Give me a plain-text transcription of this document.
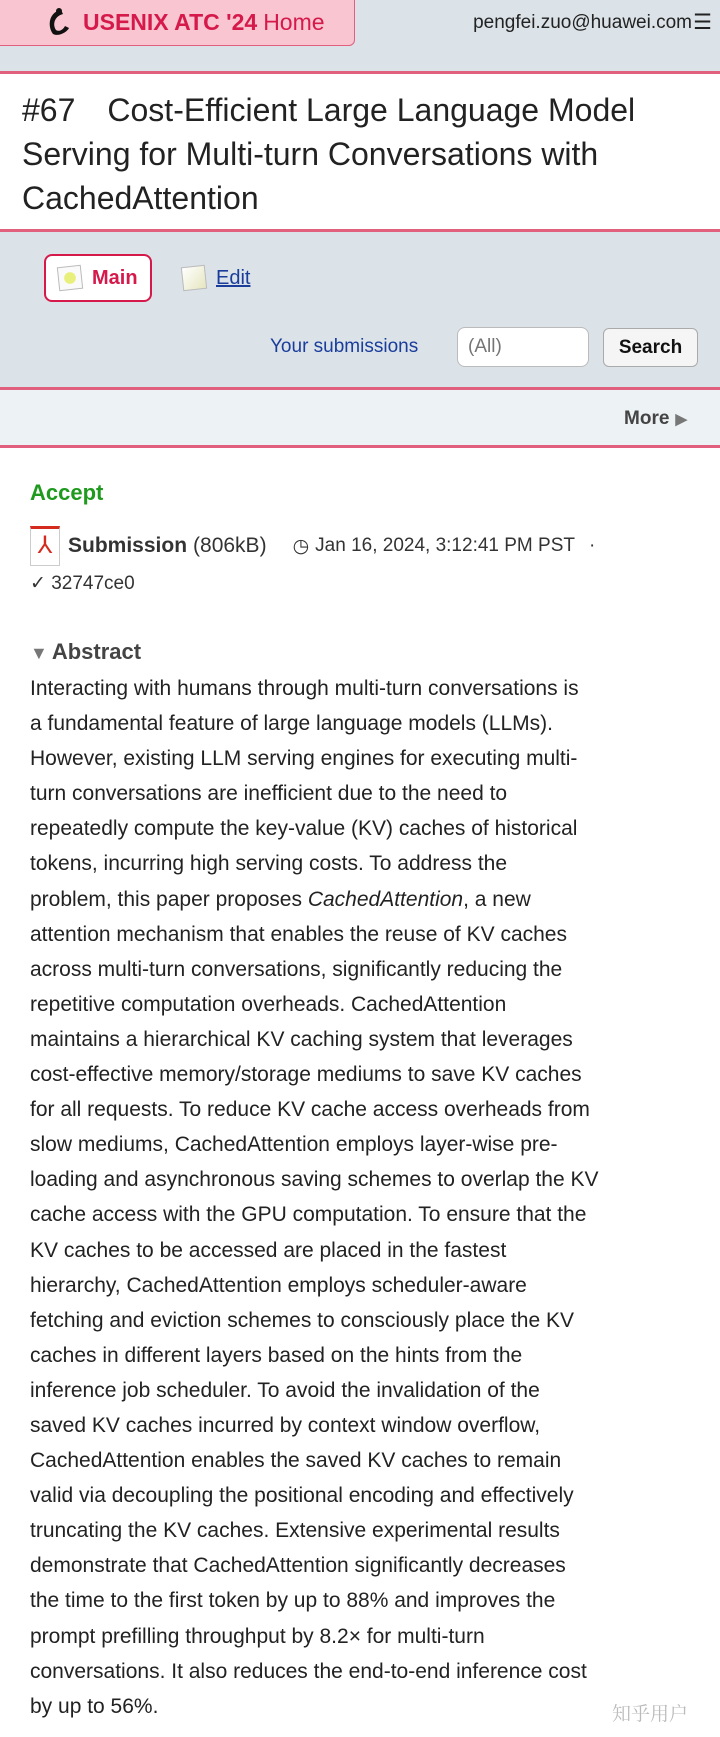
USENIX ATC '24 Home	pengfei.zuo@huawei.com ☰
#67 Cost-Efficient Large Language Model Serving for Multi-turn Conversations with CachedAttention
Main	Edit
Your submissions
(All)	Search
More ▶
Accept
⅄ Submission (806kB) ◷ Jan 16, 2024, 3:12:41 PM PST ·
✓ 32747ce0
▼ Abstract
Interacting with humans through multi-turn conversations is
a fundamental feature of large language models (LLMs).
However, existing LLM serving engines for executing multi-
turn conversations are inefficient due to the need to
repeatedly compute the key-value (KV) caches of historical
tokens, incurring high serving costs. To address the
problem, this paper proposes CachedAttention, a new
attention mechanism that enables the reuse of KV caches
across multi-turn conversations, significantly reducing the
repetitive computation overheads. CachedAttention
maintains a hierarchical KV caching system that leverages
cost-effective memory/storage mediums to save KV caches
for all requests. To reduce KV cache access overheads from
slow mediums, CachedAttention employs layer-wise pre-
loading and asynchronous saving schemes to overlap the KV
cache access with the GPU computation. To ensure that the
KV caches to be accessed are placed in the fastest
hierarchy, CachedAttention employs scheduler-aware
fetching and eviction schemes to consciously place the KV
caches in different layers based on the hints from the
inference job scheduler. To avoid the invalidation of the
saved KV caches incurred by context window overflow,
CachedAttention enables the saved KV caches to remain
valid via decoupling the positional encoding and effectively
truncating the KV caches. Extensive experimental results
demonstrate that CachedAttention significantly decreases
the time to the first token by up to 88% and improves the
prompt prefilling throughput by 8.2× for multi-turn
conversations. It also reduces the end-to-end inference cost
by up to 56%.	知乎用户
